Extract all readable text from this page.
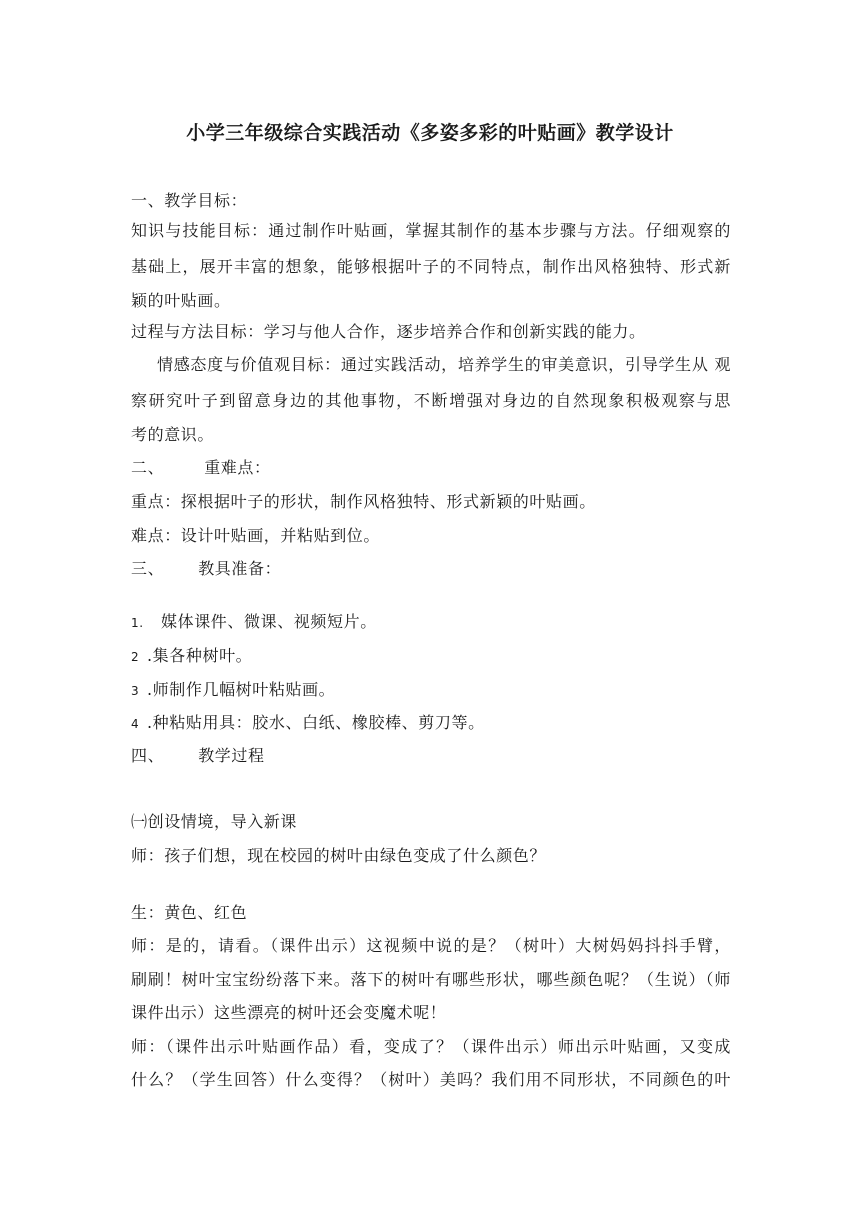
小学三年级综合实践活动《多姿多彩的叶贴画》教学设计
一、教学目标：
知识与技能目标：通过制作叶贴画，掌握其制作的基本步骤与方法。仔细观察的
基础上，展开丰富的想象，能够根据叶子的不同特点，制作出风格独特、形式新
颖的叶贴画。
过程与方法目标：学习与他人合作，逐步培养合作和创新实践的能力。
情感态度与价值观目标：通过实践活动，培养学生的审美意识，引导学生从 观
察研究叶子到留意身边的其他事物，不断增强对身边的自然现象积极观察与思
考的意识。
二、	重难点：
重点：探根据叶子的形状，制作风格独特、形式新颖的叶贴画。
难点：设计叶贴画，并粘贴到位。
三、 教具准备：
1. 媒体课件、微课、视频短片。
2 .集各种树叶。
3 .师制作几幅树叶粘贴画。
4 .种粘贴用具：胶水、白纸、橡胶棒、剪刀等。
四、 教学过程
㈠创设情境，导入新课
师：孩子们想，现在校园的树叶由绿色变成了什么颜色？
生：黄色、红色
师：是的，请看。（课件出示）这视频中说的是？（树叶）大树妈妈抖抖手臂，
刷刷！树叶宝宝纷纷落下来。落下的树叶有哪些形状，哪些颜色呢？（生说）（师
课件出示）这些漂亮的树叶还会变魔术呢！
师：（课件出示叶贴画作品）看，变成了？（课件出示）师出示叶贴画，又变成
什么？（学生回答）什么变得？（树叶）美吗？我们用不同形状，不同颜色的叶
